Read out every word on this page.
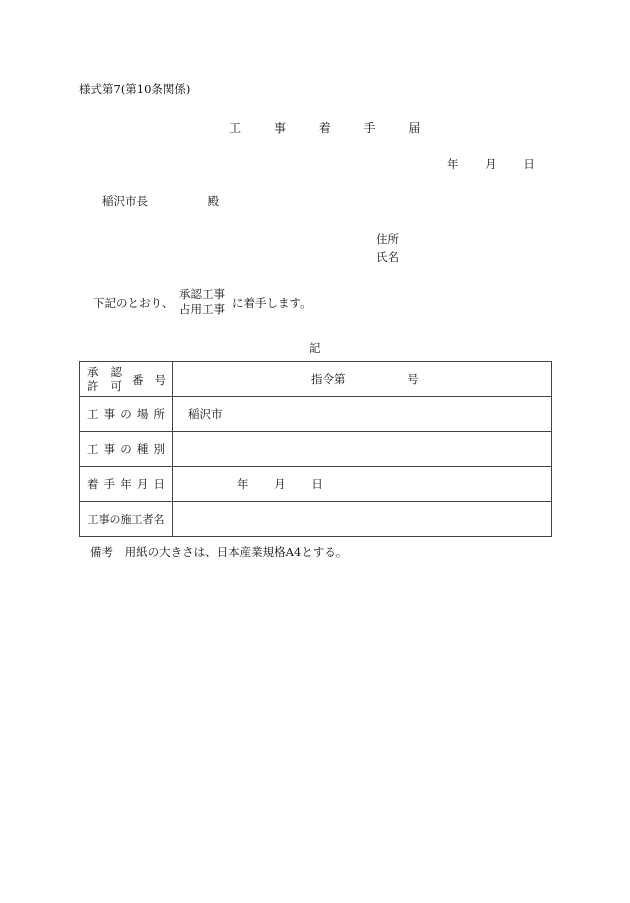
様式第7(第10条関係)
工	事	着	手	届
年 月 日
稲沢市長	殿
住所
氏名
下記のとおり、
承認工事
占用工事 に着手します。
記
承 認
許 可 番 号	指令第 号

工 事 の 場 所	稲沢市

工 事 の 種 別	

着 手 年 月 日	年 月 日

工事の施工者名	

備考 用紙の大きさは、日本産業規格A4とする。
